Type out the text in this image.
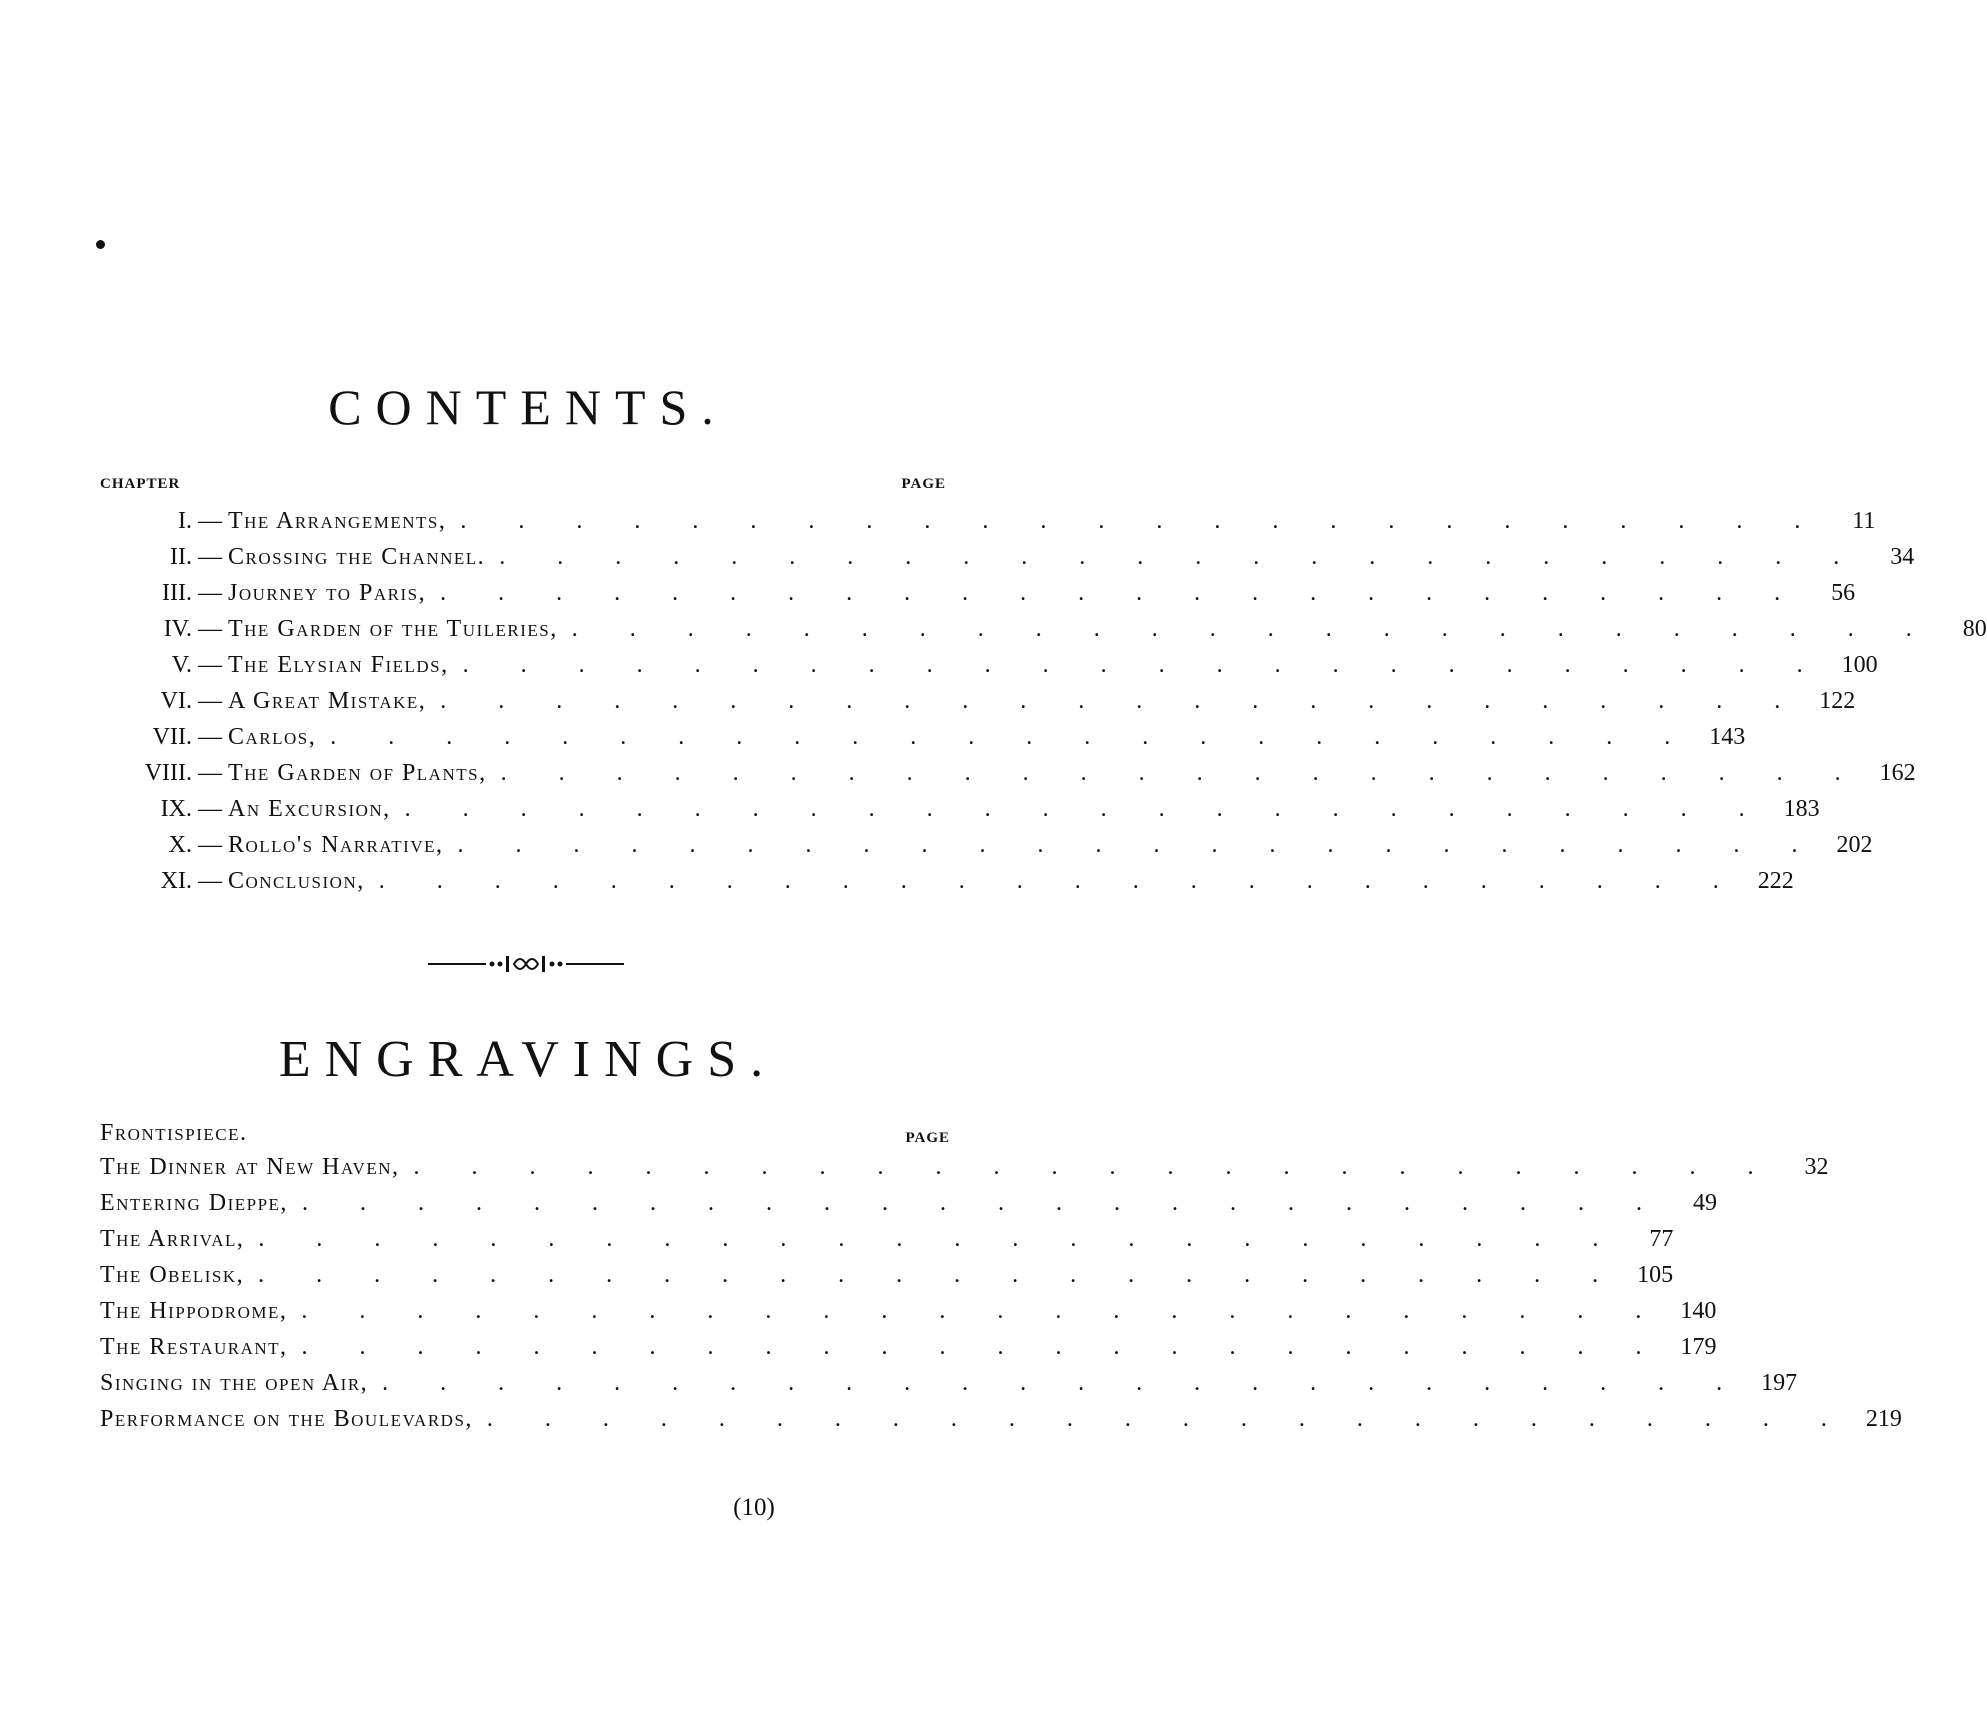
CONTENTS.
CHAPTER	PAGE
I. — The Arrangements, . . . . . . . . . . . . . . . . . . . . . . . .	11
II. — Crossing the Channel. . . . . . . . . . . . . . . . . . . . . . . . .	34
III. — Journey to Paris, . . . . . . . . . . . . . . . . . . . . . . . .	56
IV. — The Garden of the Tuileries, . . . . . . . . . . . . . . . . . . . . . . . .	80
V. — The Elysian Fields, . . . . . . . . . . . . . . . . . . . . . . . . 100
VI. — A Great Mistake, . . . . . . . . . . . . . . . . . . . . . . . . 122
VII. — Carlos, . . . . . . . . . . . . . . . . . . . . . . . . 143
VIII. — The Garden of Plants, . . . . . . . . . . . . . . . . . . . . . . . . 162
IX. — An Excursion, . . . . . . . . . . . . . . . . . . . . . . . . 183
X. — Rollo's Narrative, . . . . . . . . . . . . . . . . . . . . . . . . 202
XI. — Conclusion, . . . . . . . . . . . . . . . . . . . . . . . . 222
ENGRAVINGS.
Frontispiece.	PAGE
The Dinner at New Haven, . . . . . . . . . . . . . . . . . . . . . . . .	32
Entering Dieppe, . . . . . . . . . . . . . . . . . . . . . . . .	49
The Arrival, . . . . . . . . . . . . . . . . . . . . . . . .	77
The Obelisk, . . . . . . . . . . . . . . . . . . . . . . . . 105
The Hippodrome, . . . . . . . . . . . . . . . . . . . . . . . . 140
The Restaurant, . . . . . . . . . . . . . . . . . . . . . . . . 179
Singing in the open Air, . . . . . . . . . . . . . . . . . . . . . . . . 197
Performance on the Boulevards, . . . . . . . . . . . . . . . . . . . . . . . . 219
(10)
